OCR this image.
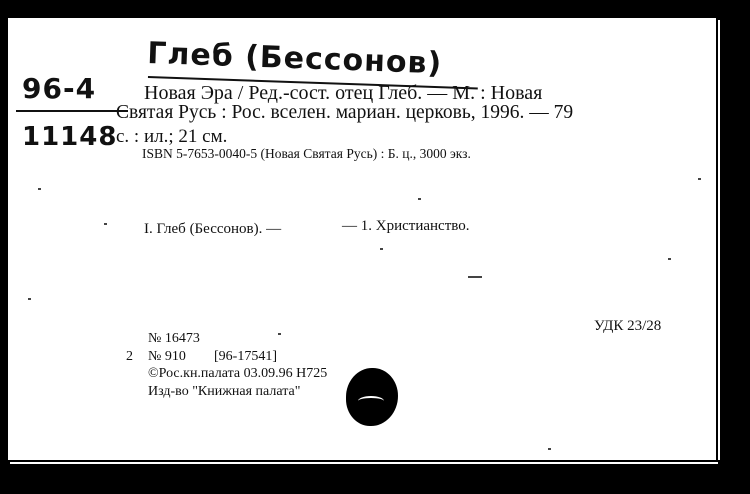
Глеб (Бессонов)
96-4
11148
Новая Эра / Ред.-сост. отец Глеб. — М. : Новая
Святая Русь : Рос. вселен. мариан. церковь, 1996. — 79
с. : ил.; 21 см.
ISBN 5-7653-0040-5 (Новая Святая Русь) : Б. ц., 3000 экз.
I. Глеб (Бессонов). —	— 1. Христианство.
УДК 23/28
№ 16473
2 № 910 [96-17541]
©Рос.кн.палата 03.09.96 Н725
Изд-во "Книжная палата"
